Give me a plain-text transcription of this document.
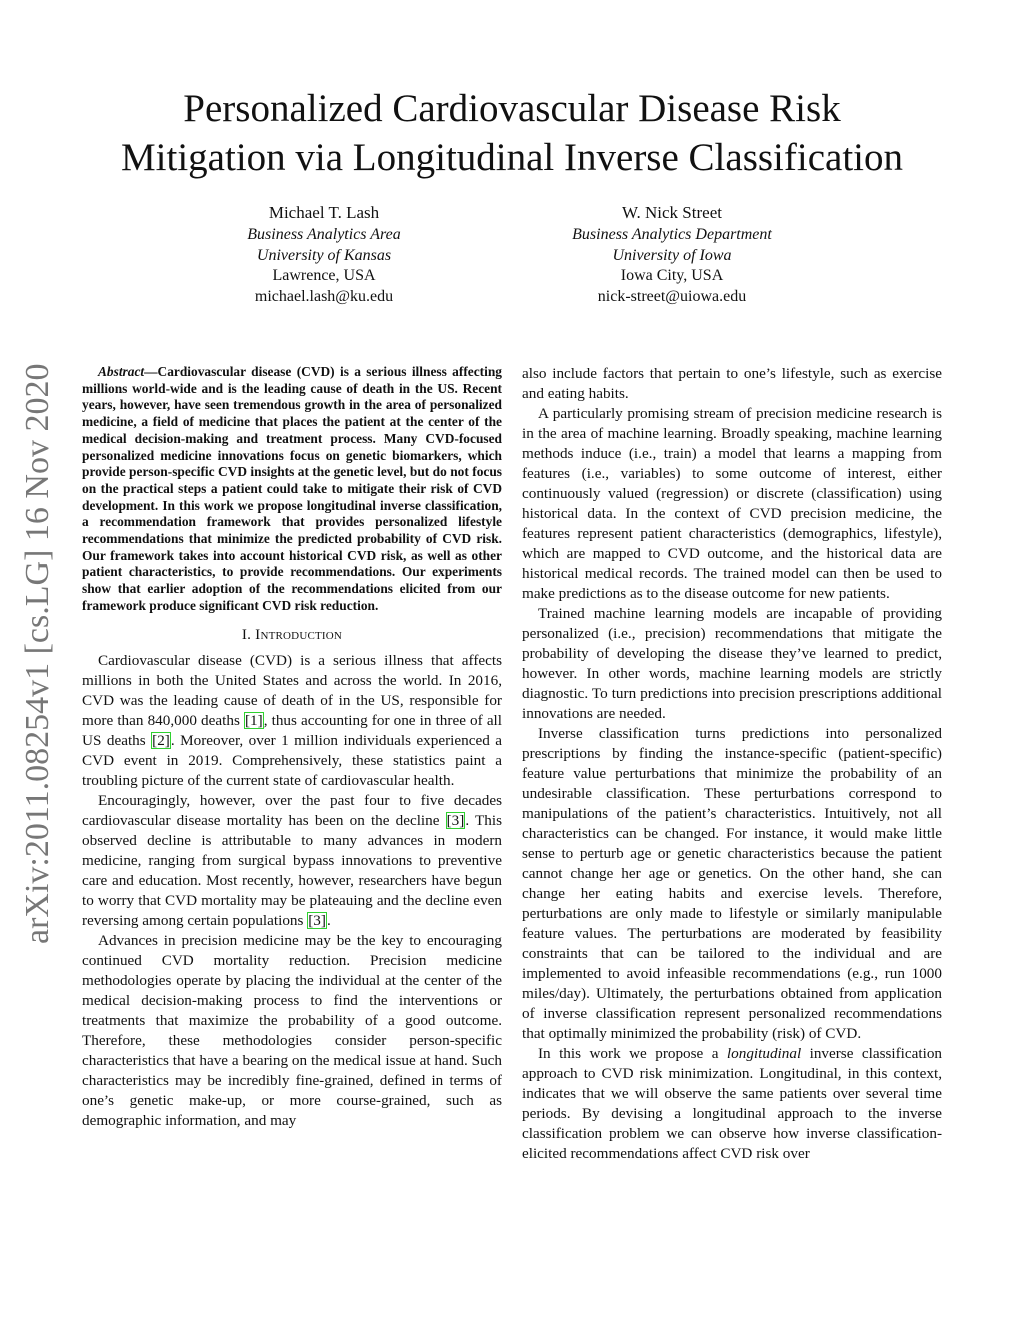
Personalized Cardiovascular Disease Risk
Mitigation via Longitudinal Inverse Classification
Michael T. Lash
Business Analytics Area
University of Kansas
Lawrence, USA
michael.lash@ku.edu
W. Nick Street
Business Analytics Department
University of Iowa
Iowa City, USA
nick-street@uiowa.edu
arXiv:2011.08254v1 [cs.LG] 16 Nov 2020	Abstract—Cardiovascular disease (CVD) is a serious illness affecting millions world-wide and is the leading cause of death in the US. Recent years, however, have seen tremendous growth in the area of personalized medicine, a field of medicine that places the patient at the center of the medical decision-making and treatment process. Many CVD-focused personalized medicine innovations focus on genetic biomarkers, which provide person-specific CVD insights at the genetic level, but do not focus on the practical steps a patient could take to mitigate their risk of CVD development. In this work we propose longitudinal inverse classification, a recommendation framework that provides personalized lifestyle recommendations that minimize the predicted probability of CVD risk. Our framework takes into account historical CVD risk, as well as other patient characteristics, to provide recommendations. Our experiments show that earlier adoption of the recommendations elicited from our framework produce significant CVD risk reduction.

I. Introduction

Cardiovascular disease (CVD) is a serious illness that affects millions in both the United States and across the world. In 2016, CVD was the leading cause of death of in the US, responsible for more than 840,000 deaths [1], thus accounting for one in three of all US deaths [2]. Moreover, over 1 million individuals experienced a CVD event in 2019. Comprehensively, these statistics paint a troubling picture of the current state of cardiovascular health.

Encouragingly, however, over the past four to five decades cardiovascular disease mortality has been on the decline [3]. This observed decline is attributable to many advances in modern medicine, ranging from surgical bypass innovations to preventive care and education. Most recently, however, researchers have begun to worry that CVD mortality may be plateauing and the decline even reversing among certain populations [3].

Advances in precision medicine may be the key to encouraging continued CVD mortality reduction. Precision medicine methodologies operate by placing the individual at the center of the medical decision-making process to find the interventions or treatments that maximize the probability of a good outcome. Therefore, these methodologies consider person-specific characteristics that have a bearing on the medical issue at hand. Such characteristics may be incredibly fine-grained, defined in terms of one’s genetic make-up, or more course-grained, such as demographic information, and may

also include factors that pertain to one’s lifestyle, such as exercise and eating habits.

A particularly promising stream of precision medicine research is in the area of machine learning. Broadly speaking, machine learning methods induce (i.e., train) a model that learns a mapping from features (i.e., variables) to some outcome of interest, either continuously valued (regression) or discrete (classification) using historical data. In the context of CVD precision medicine, the features represent patient characteristics (demographics, lifestyle), which are mapped to CVD outcome, and the historical data are historical medical records. The trained model can then be used to make predictions as to the disease outcome for new patients.

Trained machine learning models are incapable of providing personalized (i.e., precision) recommendations that mitigate the probability of developing the disease they’ve learned to predict, however. In other words, machine learning models are strictly diagnostic. To turn predictions into precision prescriptions additional innovations are needed.

Inverse classification turns predictions into personalized prescriptions by finding the instance-specific (patient-specific) feature value perturbations that minimize the probability of an undesirable classification. These perturbations correspond to manipulations of the patient’s characteristics. Intuitively, not all characteristics can be changed. For instance, it would make little sense to perturb age or genetic characteristics because the patient cannot change her age or genetics. On the other hand, she can change her eating habits and exercise levels. Therefore, perturbations are only made to lifestyle or similarly manipulable feature values. The perturbations are moderated by feasibility constraints that can be tailored to the individual and are implemented to avoid infeasible recommendations (e.g., run 1000 miles/day). Ultimately, the perturbations obtained from application of inverse classification represent personalized recommendations that optimally minimized the probability (risk) of CVD.

In this work we propose a longitudinal inverse classification approach to CVD risk minimization. Longitudinal, in this context, indicates that we will observe the same patients over several time periods. By devising a longitudinal approach to the inverse classification problem we can observe how inverse classification-elicited recommendations affect CVD risk over
